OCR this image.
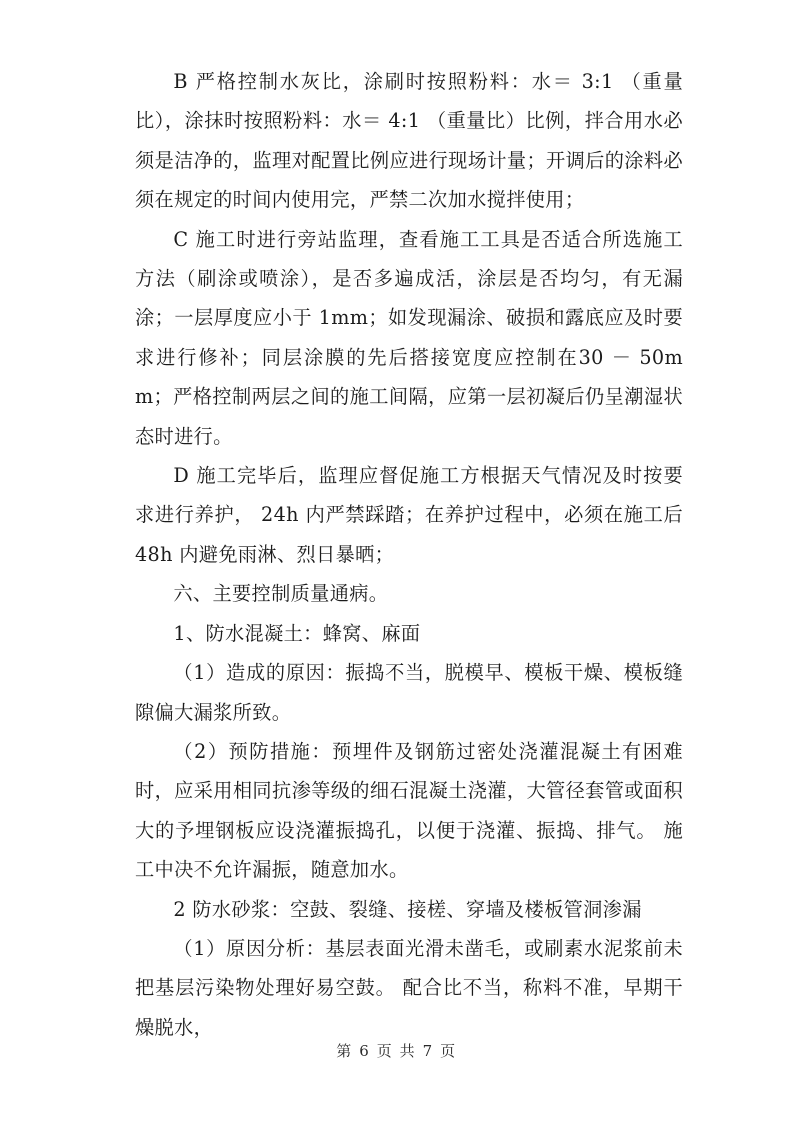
B 严格控制水灰比，涂刷时按照粉料：水＝ 3:1 （重量比），涂抹时按照粉料：水＝ 4:1 （重量比）比例，拌合用水必须是洁净的，监理对配置比例应进行现场计量；开调后的涂料必须在规定的时间内使用完，严禁二次加水搅拌使用；

C 施工时进行旁站监理，查看施工工具是否适合所选施工方法（刷涂或喷涂），是否多遍成活，涂层是否均匀，有无漏涂；一层厚度应小于 1mm；如发现漏涂、破损和露底应及时要求进行修补；同层涂膜的先后搭接宽度应控制在30 － 50mm；严格控制两层之间的施工间隔，应第一层初凝后仍呈潮湿状态时进行。

D 施工完毕后，监理应督促施工方根据天气情况及时按要求进行养护， 24h 内严禁踩踏；在养护过程中，必须在施工后 48h 内避免雨淋、烈日暴晒；

六、主要控制质量通病。

1、防水混凝土：蜂窝、麻面

（1）造成的原因：振捣不当，脱模早、模板干燥、模板缝隙偏大漏浆所致。

（2）预防措施：预埋件及钢筋过密处浇灌混凝土有困难时，应采用相同抗渗等级的细石混凝土浇灌，大管径套管或面积大的予埋钢板应设浇灌振捣孔，以便于浇灌、振捣、排气。 施工中决不允许漏振，随意加水。

2 防水砂浆：空鼓、裂缝、接槎、穿墙及楼板管洞渗漏

（1）原因分析：基层表面光滑未凿毛，或刷素水泥浆前未把基层污染物处理好易空鼓。 配合比不当，称料不准，早期干燥脱水，

第 6 页 共 7 页
